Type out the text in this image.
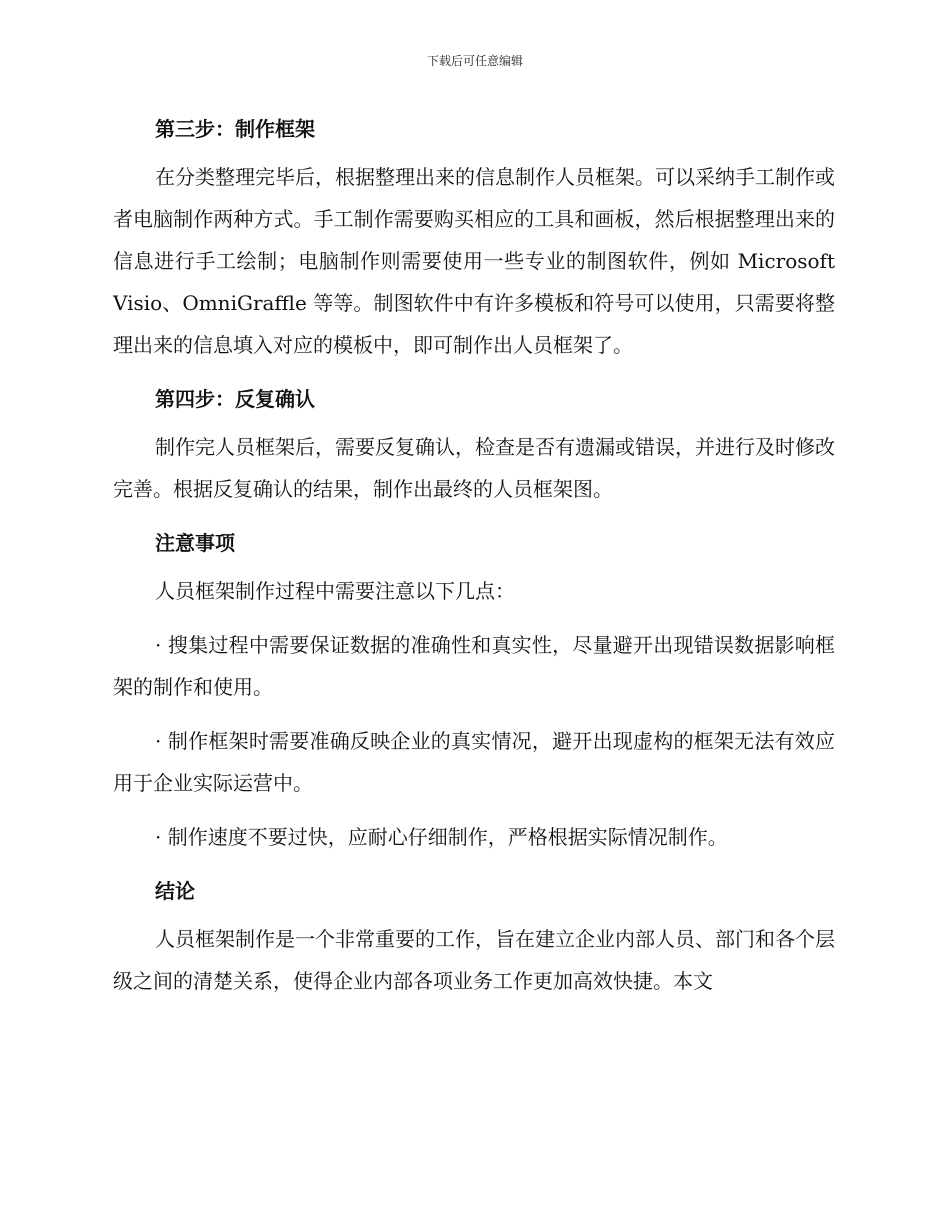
下载后可任意编辑
第三步：制作框架

在分类整理完毕后，根据整理出来的信息制作人员框架。可以采纳手工制作或者电脑制作两种方式。手工制作需要购买相应的工具和画板，然后根据整理出来的信息进行手工绘制；电脑制作则需要使用一些专业的制图软件，例如 Microsoft Visio、OmniGraffle 等等。制图软件中有许多模板和符号可以使用，只需要将整理出来的信息填入对应的模板中，即可制作出人员框架了。

第四步：反复确认

制作完人员框架后，需要反复确认，检查是否有遗漏或错误，并进行及时修改完善。根据反复确认的结果，制作出最终的人员框架图。

注意事项

人员框架制作过程中需要注意以下几点：

· 搜集过程中需要保证数据的准确性和真实性，尽量避开出现错误数据影响框架的制作和使用。

· 制作框架时需要准确反映企业的真实情况，避开出现虚构的框架无法有效应用于企业实际运营中。

· 制作速度不要过快，应耐心仔细制作，严格根据实际情况制作。

结论

人员框架制作是一个非常重要的工作，旨在建立企业内部人员、部门和各个层级之间的清楚关系，使得企业内部各项业务工作更加高效快捷。本文
